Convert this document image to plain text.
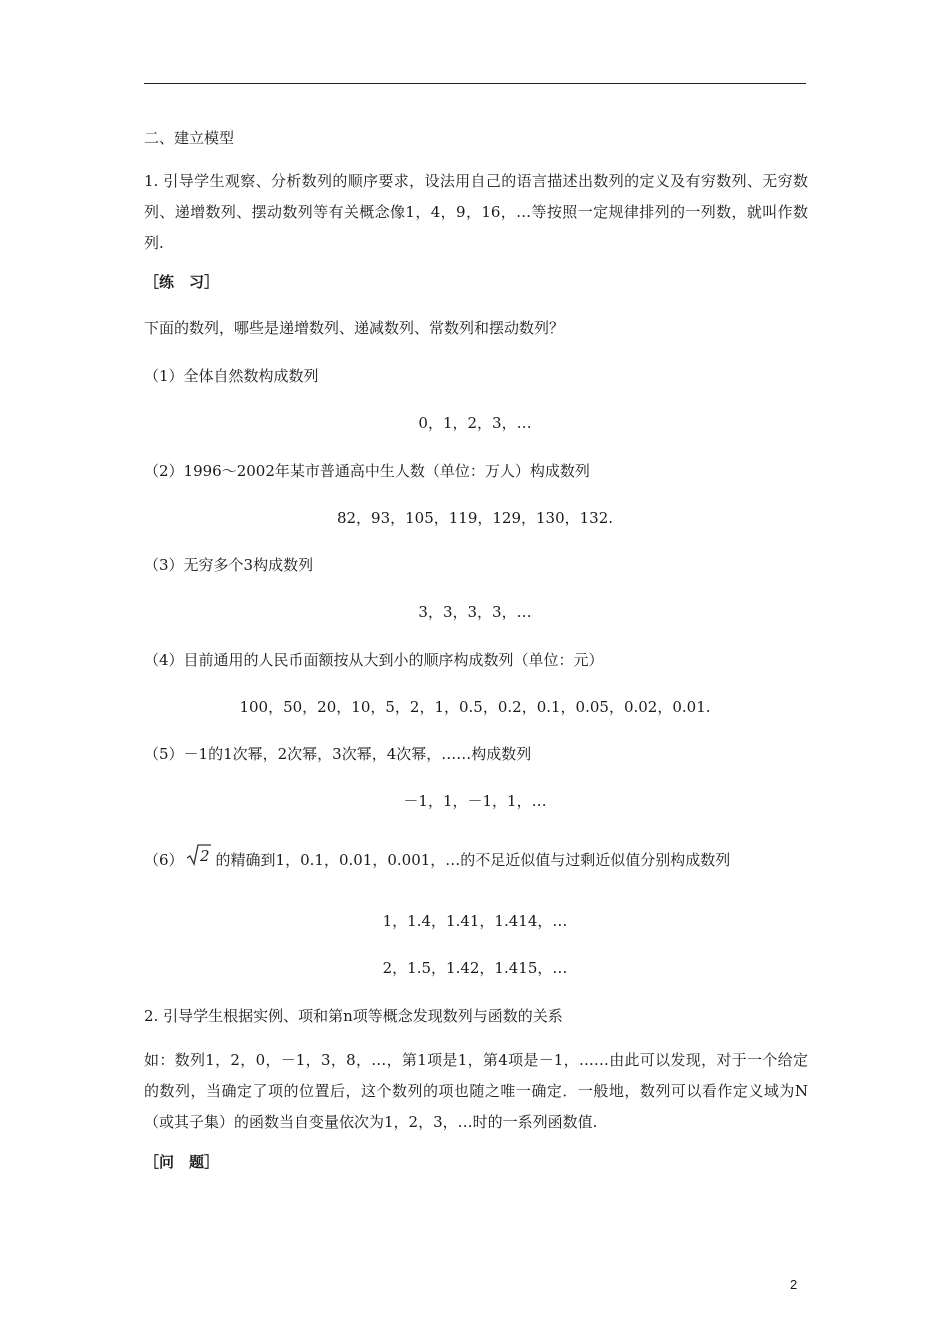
二、建立模型
1. 引导学生观察、分析数列的顺序要求，设法用自己的语言描述出数列的定义及有穷数列、无穷数列、递增数列、摆动数列等有关概念像1，4，9，16，…等按照一定规律排列的一列数，就叫作数列.
［练　习］
下面的数列，哪些是递增数列、递减数列、常数列和摆动数列？
（1）全体自然数构成数列
0，1，2，3，…
（2）1996～2002年某市普通高中生人数（单位：万人）构成数列
82，93，105，119，129，130，132.
（3）无穷多个3构成数列
3，3，3，3，…
（4）目前通用的人民币面额按从大到小的顺序构成数列（单位：元）
100，50，20，10，5，2，1，0.5，0.2，0.1，0.05，0.02，0.01.
（5）－1的1次幂，2次幂，3次幂，4次幂，……构成数列
－1，1，－1，1，…
（6） 2 的精确到1，0.1，0.01，0.001，…的不足近似值与过剩近似值分别构成数列
1，1.4，1.41，1.414，…
2，1.5，1.42，1.415，…
2. 引导学生根据实例、项和第n项等概念发现数列与函数的关系
如：数列1，2，0，－1，3，8，…，第1项是1，第4项是－1，……由此可以发现，对于一个给定的数列，当确定了项的位置后，这个数列的项也随之唯一确定．一般地，数列可以看作定义域为N（或其子集）的函数当自变量依次为1，2，3，…时的一系列函数值.
［问　题］
2
